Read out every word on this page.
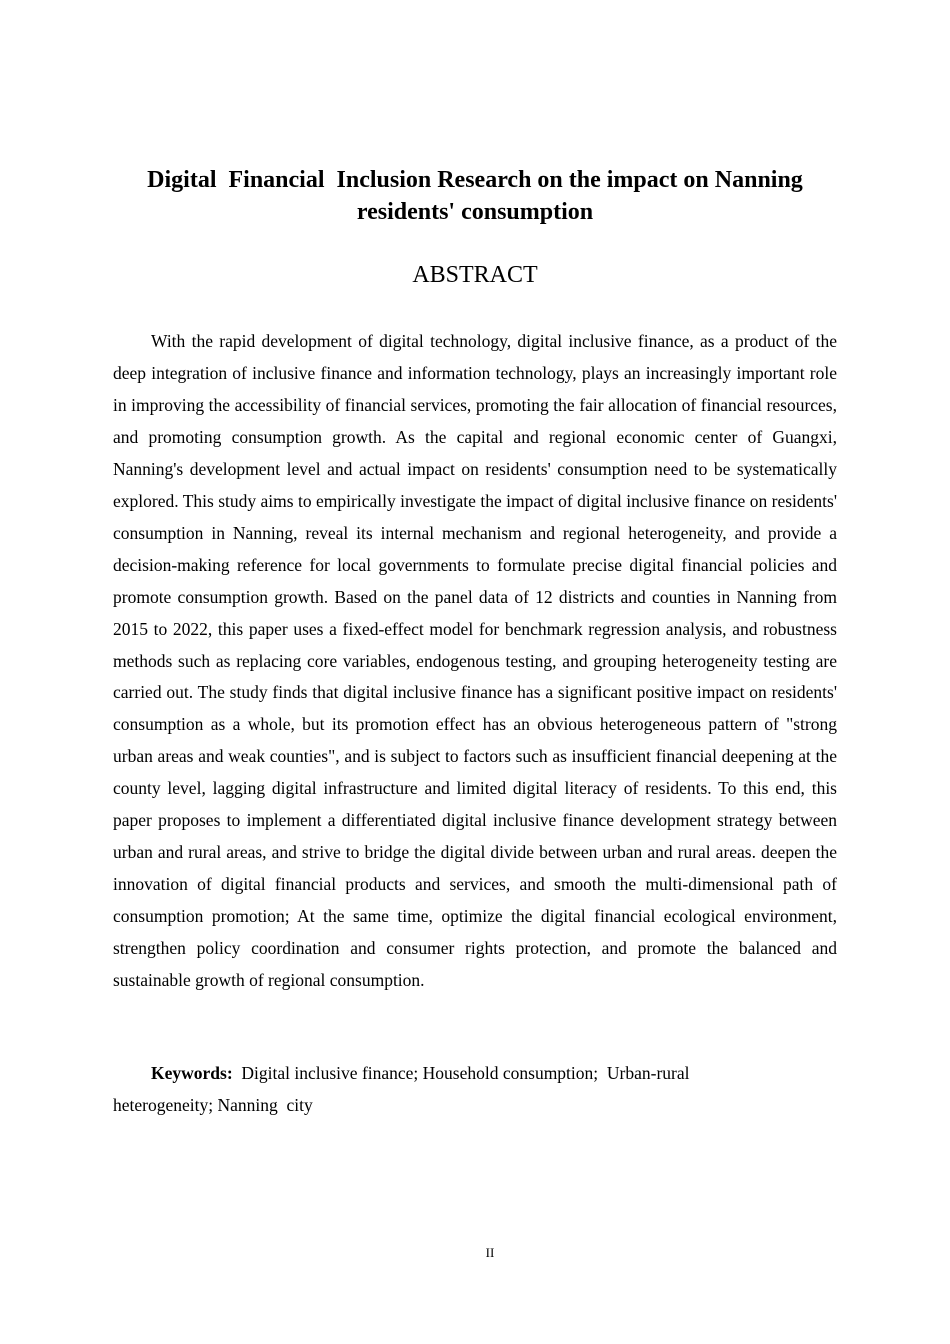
Digital  Financial  Inclusion Research on the impact on Nanning residents' consumption
ABSTRACT

With the rapid development of digital technology, digital inclusive finance, as a product of the deep integration of inclusive finance and information technology, plays an increasingly important role in improving the accessibility of financial services, promoting the fair allocation of financial resources, and promoting consumption growth. As the capital and regional economic center of Guangxi, Nanning's development level and actual impact on residents' consumption need to be systematically explored. This study aims to empirically investigate the impact of digital inclusive finance on residents' consumption in Nanning, reveal its internal mechanism and regional heterogeneity, and provide a decision-making reference for local governments to formulate precise digital financial policies and promote consumption growth. Based on the panel data of 12 districts and counties in Nanning from 2015 to 2022, this paper uses a fixed-effect model for benchmark regression analysis, and robustness methods such as replacing core variables, endogenous testing, and grouping heterogeneity testing are carried out. The study finds that digital inclusive finance has a significant positive impact on residents' consumption as a whole, but its promotion effect has an obvious heterogeneous pattern of "strong urban areas and weak counties", and is subject to factors such as insufficient financial deepening at the county level, lagging digital infrastructure and limited digital literacy of residents. To this end, this paper proposes to implement a differentiated digital inclusive finance development strategy between urban and rural areas, and strive to bridge the digital divide between urban and rural areas. deepen the innovation of digital financial products and services, and smooth the multi-dimensional path of consumption promotion; At the same time, optimize the digital financial ecological environment, strengthen policy coordination and consumer rights protection, and promote the balanced and sustainable growth of regional consumption.

Keywords:  Digital inclusive finance; Household consumption;  Urban-rural heterogeneity; Nanning  city

II
